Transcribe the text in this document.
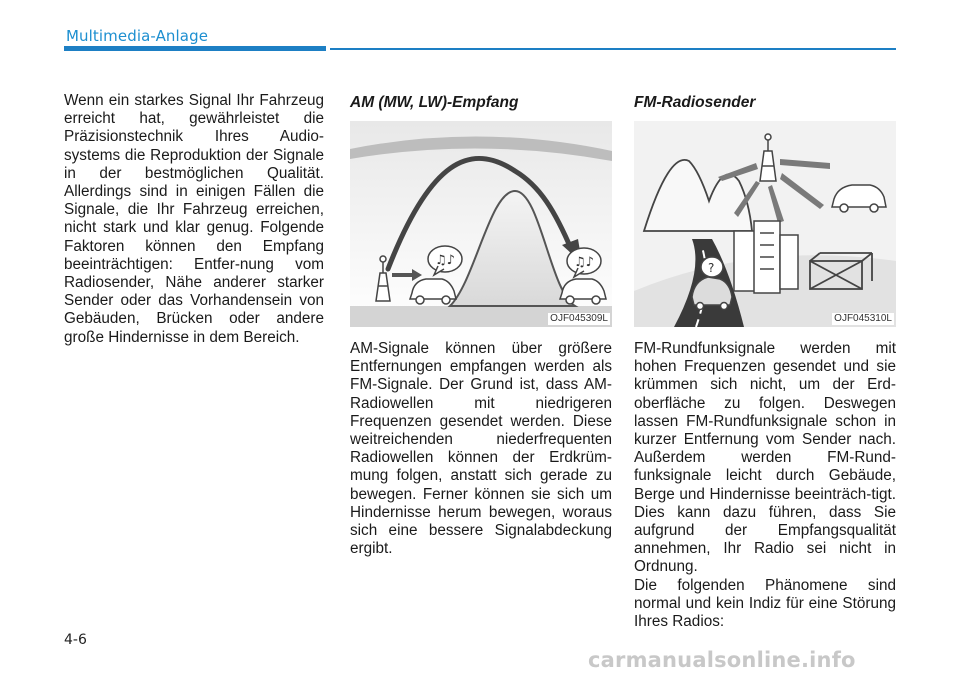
Multimedia-Anlage

Wenn ein starkes Signal Ihr Fahrzeug erreicht hat, gewährleistet die Präzisionstechnik Ihres Audio-systems die Reproduktion der Signale in der bestmöglichen Qualität. Allerdings sind in einigen Fällen die Signale, die Ihr Fahrzeug erreichen, nicht stark und klar genug. Folgende Faktoren können den Empfang beeinträchtigen: Entfer-nung vom Radiosender, Nähe anderer starker Sender oder das Vorhandensein von Gebäuden, Brücken oder andere große Hindernisse in dem Bereich.

AM (MW, LW)-Empfang	FM-Radiosender
♫♪	♫♪
OJF045309L
?
OJF045310L

AM-Signale können über größere Entfernungen empfangen werden als FM-Signale. Der Grund ist, dass AM-Radiowellen mit niedrigeren Frequenzen gesendet werden. Diese weitreichenden niederfrequenten Radiowellen können der Erdkrüm-mung folgen, anstatt sich gerade zu bewegen. Ferner können sie sich um Hindernisse herum bewegen, woraus sich eine bessere Signalabdeckung ergibt.

FM-Rundfunksignale werden mit hohen Frequenzen gesendet und sie krümmen sich nicht, um der Erd-oberfläche zu folgen. Deswegen lassen FM-Rundfunksignale schon in kurzer Entfernung vom Sender nach. Außerdem werden FM-Rund-funksignale leicht durch Gebäude, Berge und Hindernisse beeinträch-tigt. Dies kann dazu führen, dass Sie aufgrund der Empfangsqualität annehmen, Ihr Radio sei nicht in Ordnung.

Die folgenden Phänomene sind normal und kein Indiz für eine Störung Ihres Radios:

4-6
carmanualsonline.info
